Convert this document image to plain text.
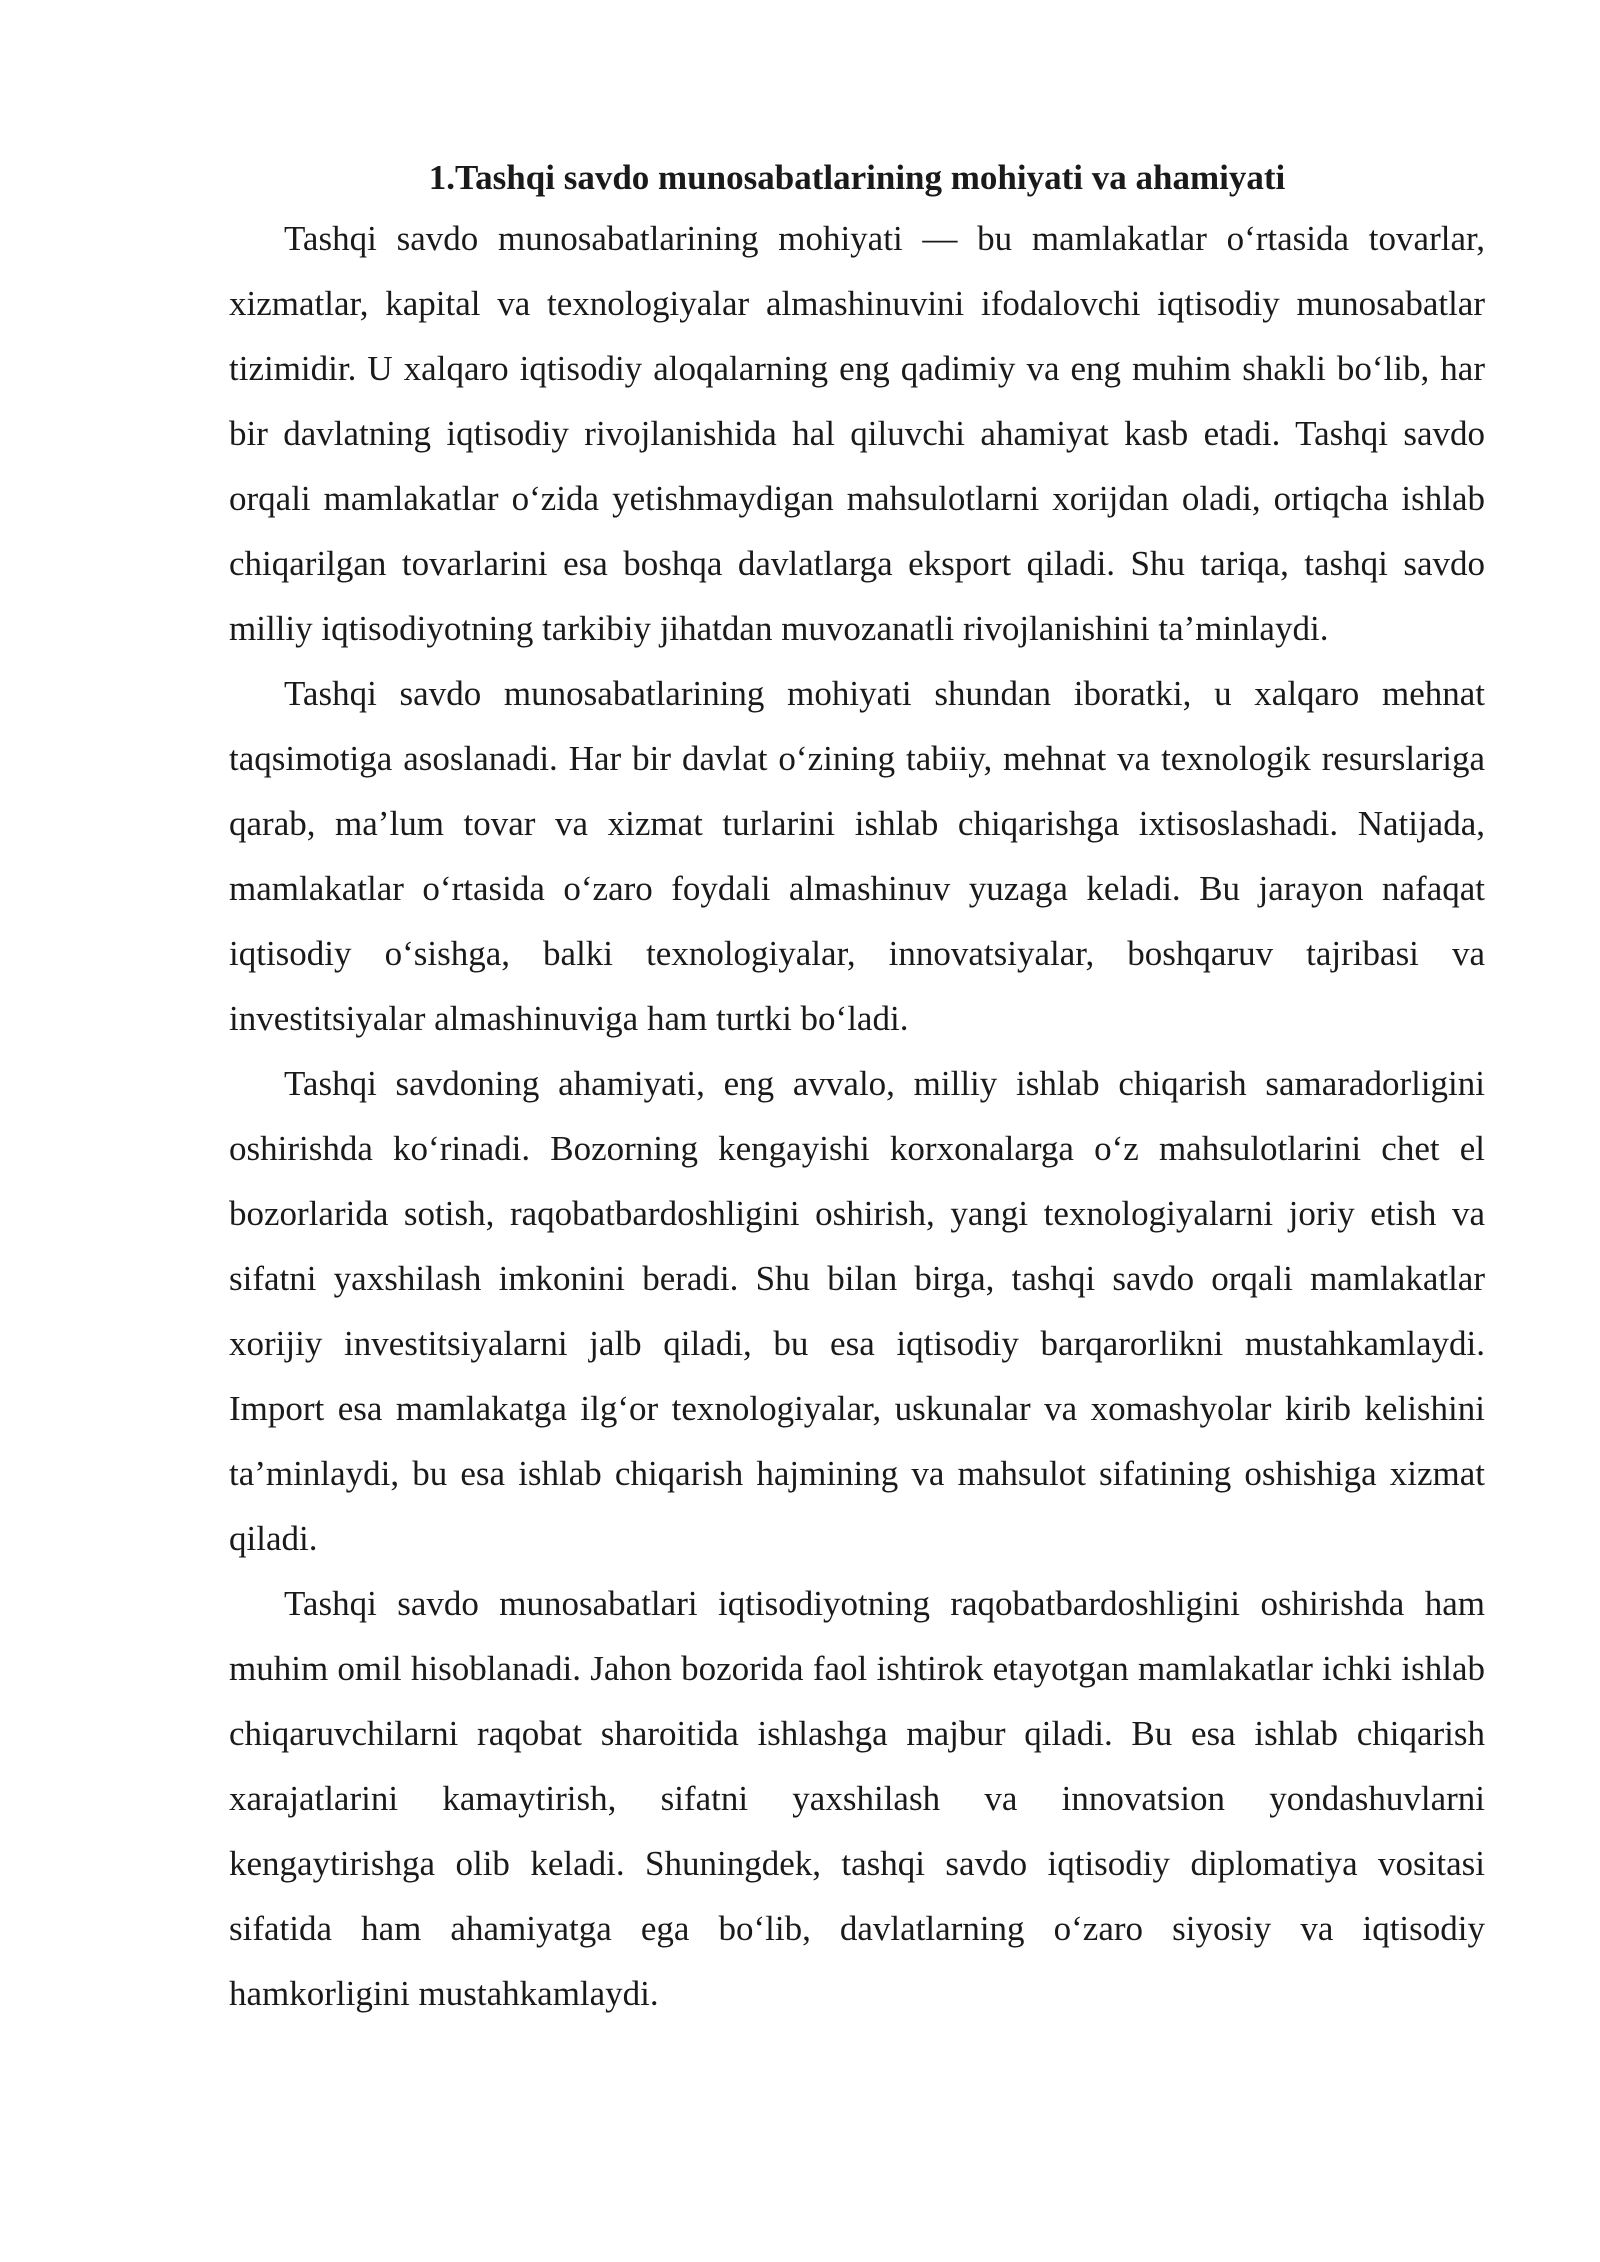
1.Tashqi savdo munosabatlarining mohiyati va ahamiyati

Tashqi savdo munosabatlarining mohiyati — bu mamlakatlar o‘rtasida tovarlar, xizmatlar, kapital va texnologiyalar almashinuvini ifodalovchi iqtisodiy munosabatlar tizimidir. U xalqaro iqtisodiy aloqalarning eng qadimiy va eng muhim shakli bo‘lib, har bir davlatning iqtisodiy rivojlanishida hal qiluvchi ahamiyat kasb etadi. Tashqi savdo orqali mamlakatlar o‘zida yetishmaydigan mahsulotlarni xorijdan oladi, ortiqcha ishlab chiqarilgan tovarlarini esa boshqa davlatlarga eksport qiladi. Shu tariqa, tashqi savdo milliy iqtisodiyotning tarkibiy jihatdan muvozanatli rivojlanishini ta’minlaydi.

Tashqi savdo munosabatlarining mohiyati shundan iboratki, u xalqaro mehnat taqsimotiga asoslanadi. Har bir davlat o‘zining tabiiy, mehnat va texnologik resurslariga qarab, ma’lum tovar va xizmat turlarini ishlab chiqarishga ixtisoslashadi. Natijada, mamlakatlar o‘rtasida o‘zaro foydali almashinuv yuzaga keladi. Bu jarayon nafaqat iqtisodiy o‘sishga, balki texnologiyalar, innovatsiyalar, boshqaruv tajribasi va investitsiyalar almashinuviga ham turtki bo‘ladi.

Tashqi savdoning ahamiyati, eng avvalo, milliy ishlab chiqarish samaradorligini oshirishda ko‘rinadi. Bozorning kengayishi korxonalarga o‘z mahsulotlarini chet el bozorlarida sotish, raqobatbardoshligini oshirish, yangi texnologiyalarni joriy etish va sifatni yaxshilash imkonini beradi. Shu bilan birga, tashqi savdo orqali mamlakatlar xorijiy investitsiyalarni jalb qiladi, bu esa iqtisodiy barqarorlikni mustahkamlaydi. Import esa mamlakatga ilg‘or texnologiyalar, uskunalar va xomashyolar kirib kelishini ta’minlaydi, bu esa ishlab chiqarish hajmining va mahsulot sifatining oshishiga xizmat qiladi.

Tashqi savdo munosabatlari iqtisodiyotning raqobatbardoshligini oshirishda ham muhim omil hisoblanadi. Jahon bozorida faol ishtirok etayotgan mamlakatlar ichki ishlab chiqaruvchilarni raqobat sharoitida ishlashga majbur qiladi. Bu esa ishlab chiqarish xarajatlarini kamaytirish, sifatni yaxshilash va innovatsion yondashuvlarni kengaytirishga olib keladi. Shuningdek, tashqi savdo iqtisodiy diplomatiya vositasi sifatida ham ahamiyatga ega bo‘lib, davlatlarning o‘zaro siyosiy va iqtisodiy hamkorligini mustahkamlaydi.
